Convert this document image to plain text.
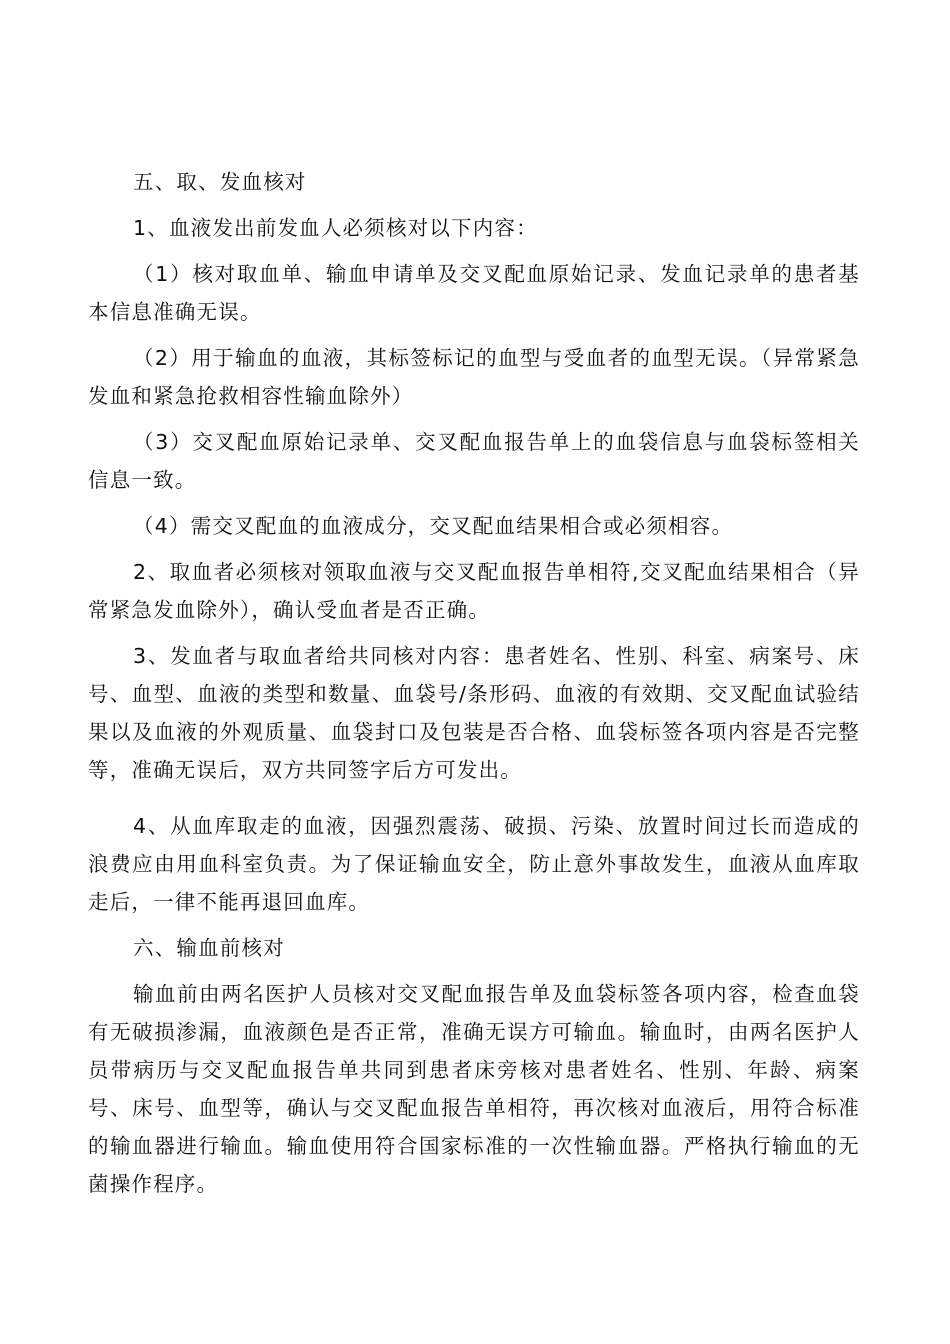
五、取、发血核对

1、血液发出前发血人必须核对以下内容：

（1）核对取血单、输血申请单及交叉配血原始记录、发血记录单的患者基本信息准确无误。

（2）用于输血的血液，其标签标记的血型与受血者的血型无误。（异常紧急发血和紧急抢救相容性输血除外）

（3）交叉配血原始记录单、交叉配血报告单上的血袋信息与血袋标签相关信息一致。

（4）需交叉配血的血液成分，交叉配血结果相合或必须相容。

2、取血者必须核对领取血液与交叉配血报告单相符,交叉配血结果相合（异常紧急发血除外），确认受血者是否正确。

3、发血者与取血者给共同核对内容：患者姓名、性别、科室、病案号、床号、血型、血液的类型和数量、血袋号/条形码、血液的有效期、交叉配血试验结果以及血液的外观质量、血袋封口及包装是否合格、血袋标签各项内容是否完整等，准确无误后，双方共同签字后方可发出。

4、从血库取走的血液，因强烈震荡、破损、污染、放置时间过长而造成的浪费应由用血科室负责。为了保证输血安全，防止意外事故发生，血液从血库取走后，一律不能再退回血库。

六、输血前核对

输血前由两名医护人员核对交叉配血报告单及血袋标签各项内容，检查血袋有无破损渗漏，血液颜色是否正常，准确无误方可输血。输血时，由两名医护人员带病历与交叉配血报告单共同到患者床旁核对患者姓名、性别、年龄、病案号、床号、血型等，确认与交叉配血报告单相符，再次核对血液后，用符合标准的输血器进行输血。输血使用符合国家标准的一次性输血器。严格执行输血的无菌操作程序。
